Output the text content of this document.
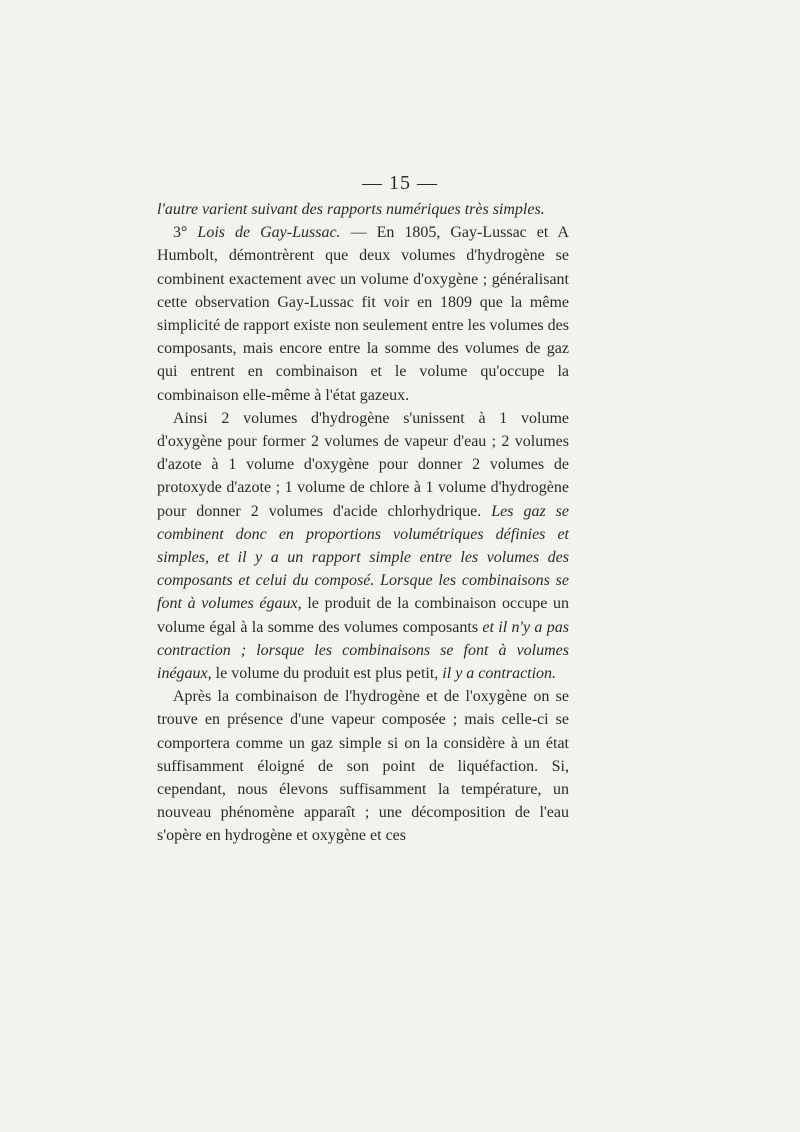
— 15 —

l'autre varient suivant des rapports numériques très simples.

3° Lois de Gay-Lussac. — En 1805, Gay-Lussac et A Humbolt, démontrèrent que deux volumes d'hydrogène se combinent exactement avec un volume d'oxygène ; généralisant cette observation Gay-Lussac fit voir en 1809 que la même simplicité de rapport existe non seulement entre les volumes des composants, mais encore entre la somme des volumes de gaz qui entrent en combinaison et le volume qu'occupe la combinaison elle-même à l'état gazeux.

Ainsi 2 volumes d'hydrogène s'unissent à 1 volume d'oxygène pour former 2 volumes de vapeur d'eau ; 2 volumes d'azote à 1 volume d'oxygène pour donner 2 volumes de protoxyde d'azote ; 1 volume de chlore à 1 volume d'hydrogène pour donner 2 volumes d'acide chlorhydrique. Les gaz se combinent donc en proportions volumétriques définies et simples, et il y a un rapport simple entre les volumes des composants et celui du composé. Lorsque les combinaisons se font à volumes égaux, le produit de la combinaison occupe un volume égal à la somme des volumes composants et il n'y a pas contraction ; lorsque les combinaisons se font à volumes inégaux, le volume du produit est plus petit, il y a contraction.

Après la combinaison de l'hydrogène et de l'oxygène on se trouve en présence d'une vapeur composée ; mais celle-ci se comportera comme un gaz simple si on la considère à un état suffisamment éloigné de son point de liquéfaction. Si, cependant, nous élevons suffisamment la température, un nouveau phénomène apparaît ; une décomposition de l'eau s'opère en hydrogène et oxygène et ces
